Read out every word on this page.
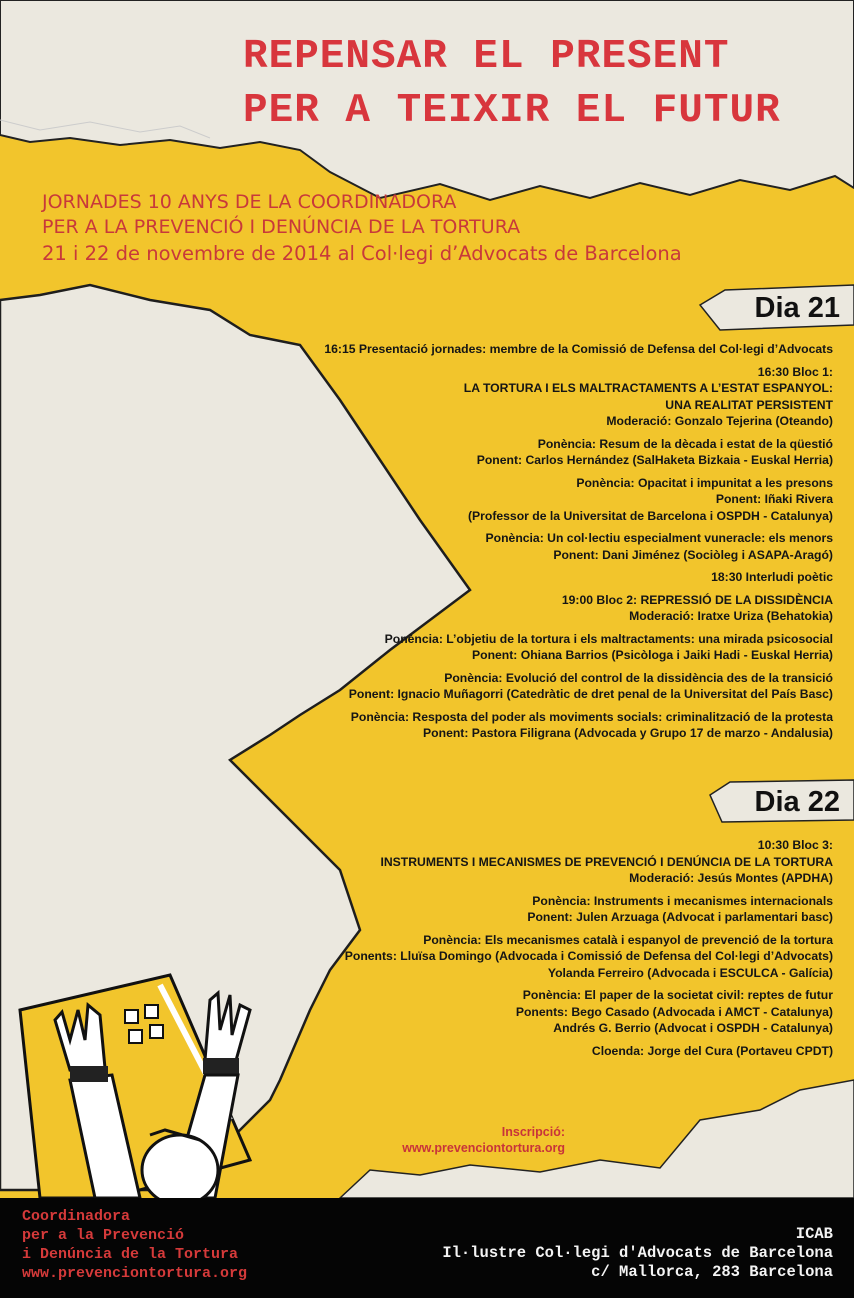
REPENSAR EL PRESENT
PER A TEIXIR EL FUTUR
JORNADES 10 ANYS DE LA COORDINADORA
PER A LA PREVENCIÓ I DENÚNCIA DE LA TORTURA
21 i 22 de novembre de 2014 al Col·legi d’Advocats de Barcelona
Dia 21

16:15 Presentació jornades: membre de la Comissió de Defensa del Col·legi d’Advocats

16:30 Bloc 1:

LA TORTURA I ELS MALTRACTAMENTS A L’ESTAT ESPANYOL:

UNA REALITAT PERSISTENT

Moderació: Gonzalo Tejerina (Oteando)

Ponència: Resum de la dècada i estat de la qüestió

Ponent: Carlos Hernández (SalHaketa Bizkaia - Euskal Herria)

Ponència: Opacitat i impunitat a les presons

Ponent: Iñaki Rivera

(Professor de la Universitat de Barcelona i OSPDH - Catalunya)

Ponència: Un col·lectiu especialment vuneracle: els menors

Ponent: Dani Jiménez (Sociòleg i ASAPA-Aragó)

18:30 Interludi poètic

19:00 Bloc 2: REPRESSIÓ DE LA DISSIDÈNCIA

Moderació: Iratxe Uriza (Behatokia)

Ponència: L’objetiu de la tortura i els maltractaments: una mirada psicosocial

Ponent: Ohiana Barrios (Psicòloga i Jaiki Hadi - Euskal Herria)

Ponència: Evolució del control de la dissidència des de la transició

Ponent: Ignacio Muñagorri (Catedràtic de dret penal de la Universitat del País Basc)

Ponència: Resposta del poder als moviments socials: criminalització de la protesta

Ponent: Pastora Filigrana (Advocada y Grupo 17 de marzo - Andalusia)

Dia 22

10:30 Bloc 3:

INSTRUMENTS I MECANISMES DE PREVENCIÓ I DENÚNCIA DE LA TORTURA

Moderació: Jesús Montes (APDHA)

Ponència: Instruments i mecanismes internacionals

Ponent: Julen Arzuaga (Advocat i parlamentari basc)

Ponència: Els mecanismes català i espanyol de prevenció de la tortura

Ponents: Lluïsa Domingo (Advocada i Comissió de Defensa del Col·legi d’Advocats)

Yolanda Ferreiro (Advocada i ESCULCA - Galícia)

Ponència: El paper de la societat civil: reptes de futur

Ponents: Bego Casado (Advocada i AMCT - Catalunya)

Andrés G. Berrio (Advocat i OSPDH - Catalunya)

Cloenda: Jorge del Cura (Portaveu CPDT)

Inscripció:

www.prevenciontortura.org

Coordinadora

per a la Prevenció

i Denúncia de la Tortura

www.prevenciontortura.org

ICAB

Il·lustre Col·legi d'Advocats de Barcelona

c/ Mallorca, 283 Barcelona
